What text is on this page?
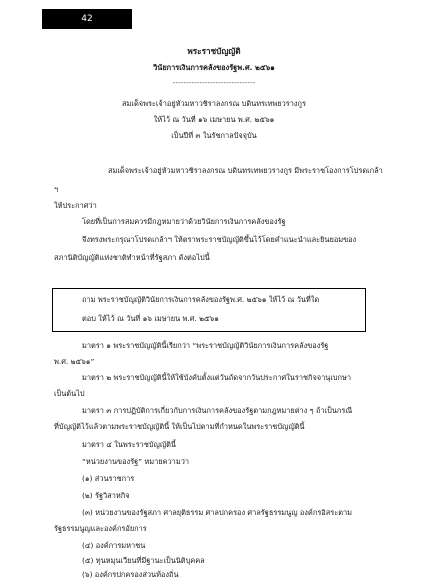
42
พระราชบัญญัติ
วินัยการเงินการคลังของรัฐพ.ศ. ๒๕๖๑
-------------------------------
สมเด็จพระเจ้าอยู่หัวมหาวชิราลงกรณ บดินทรเทพยวรางกูร
ให้ไว้ ณ วันที่ ๑๖ เมษายน พ.ศ. ๒๕๖๑
เป็นปีที่ ๓ ในรัชกาลปัจจุบัน
สมเด็จพระเจ้าอยู่หัวมหาวชิราลงกรณ บดินทรเทพยวรางกูร มีพระราชโองการโปรดเกล้า
ฯ
ให้ประกาศว่า
โดยที่เป็นการสมควรมีกฎหมายว่าด้วยวินัยการเงินการคลังของรัฐ
จึงทรงพระกรุณาโปรดเกล้าฯ ให้ตราพระราชบัญญัติขึ้นไว้โดยคำแนะนำและยินยอมของ
สภานิติบัญญัติแห่งชาติทำหน้าที่รัฐสภา ดังต่อไปนี้
ถาม พระราชบัญญัติวินัยการเงินการคลังของรัฐพ.ศ. ๒๕๖๑ ให้ไว้ ณ วันที่ใด
ตอบ ให้ไว้ ณ วันที่ ๑๖ เมษายน พ.ศ. ๒๕๖๑
มาตรา ๑ พระราชบัญญัตินี้เรียกว่า “พระราชบัญญัติวินัยการเงินการคลังของรัฐ
พ.ศ. ๒๕๖๑”
มาตรา ๒ พระราชบัญญัตินี้ให้ใช้บังคับตั้งแต่วันถัดจากวันประกาศในราชกิจจานุเบกษา
เป็นต้นไป
มาตรา ๓ การปฏิบัติการเกี่ยวกับการเงินการคลังของรัฐตามกฎหมายต่าง ๆ ถ้าเป็นกรณี
ที่บัญญัติไว้แล้วตามพระราชบัญญัตินี้ ให้เป็นไปตามที่กำหนดในพระราชบัญญัตินี้
มาตรา ๔ ในพระราชบัญญัตินี้
“หน่วยงานของรัฐ” หมายความว่า
(๑) ส่วนราชการ
(๒) รัฐวิสาหกิจ
(๓) หน่วยงานของรัฐสภา ศาลยุติธรรม ศาลปกครอง ศาลรัฐธรรมนูญ องค์กรอิสระตาม
รัฐธรรมนูญและองค์กรอัยการ
(๔) องค์การมหาชน
(๕) ทุนหมุนเวียนที่มีฐานะเป็นนิติบุคคล
(๖) องค์กรปกครองส่วนท้องถิ่น
